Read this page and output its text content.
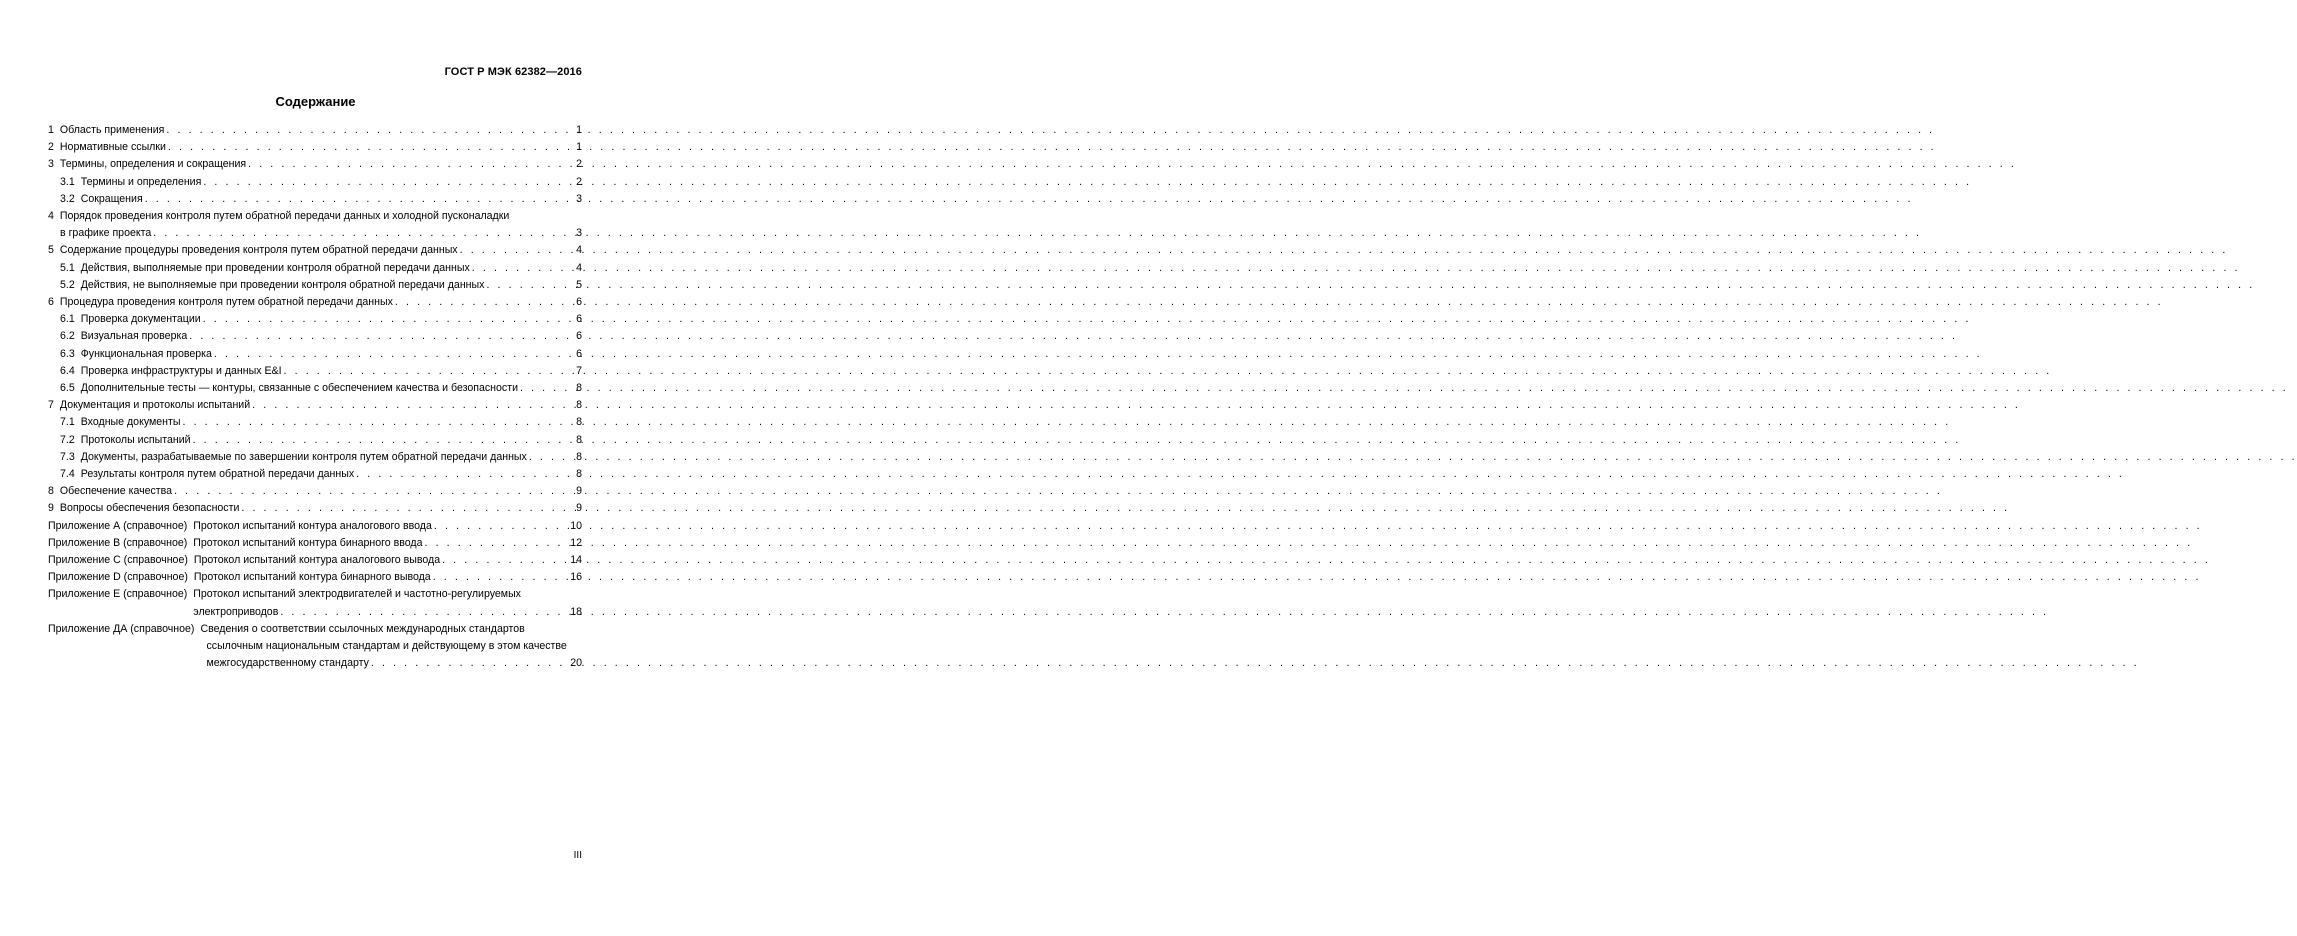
ГОСТ Р МЭК 62382—2016
Содержание
1 Область применения . . .	1
2 Нормативные ссылки . . .	1
3 Термины, определения и сокращения . . .	2
3.1 Термины и определения . . .	2
3.2 Сокращения . . .	3
4 Порядок проведения контроля путем обратной передачи данных и холодной пусконаладки
в графике проекта . . .	3
5 Содержание процедуры проведения контроля путем обратной передачи данных . . .	4
5.1 Действия, выполняемые при проведении контроля обратной передачи данных . . .	4
5.2 Действия, не выполняемые при проведении контроля обратной передачи данных . . .	5
6 Процедура проведения контроля путем обратной передачи данных . . .	6
6.1 Проверка документации . . .	6
6.2 Визуальная проверка . . .	6
6.3 Функциональная проверка . . .	6
6.4 Проверка инфраструктуры и данных E&I . . .	7
6.5 Дополнительные тесты — контуры, связанные с обеспечением качества и безопасности . . .	8
7 Документация и протоколы испытаний . . .	8
7.1 Входные документы . . .	8
7.2 Протоколы испытаний . . .	8
7.3 Документы, разрабатываемые по завершении контроля путем обратной передачи данных . . .	8
7.4 Результаты контроля путем обратной передачи данных . . .	8
8 Обеспечение качества . . .	9
9 Вопросы обеспечения безопасности . . .	9
Приложение А (справочное) Протокол испытаний контура аналогового ввода . . .	10
Приложение В (справочное) Протокол испытаний контура бинарного ввода . . .	12
Приложение С (справочное) Протокол испытаний контура аналогового вывода . . .	14
Приложение D (справочное) Протокол испытаний контура бинарного вывода . . .	16
Приложение Е (справочное) Протокол испытаний электродвигателей и частотно-регулируемых
электроприводов . . .	18
Приложение ДА (справочное) Сведения о соответствии ссылочных международных стандартов
ссылочным национальным стандартам и действующему в этом качестве
межгосударственному стандарту . . .	20
III
